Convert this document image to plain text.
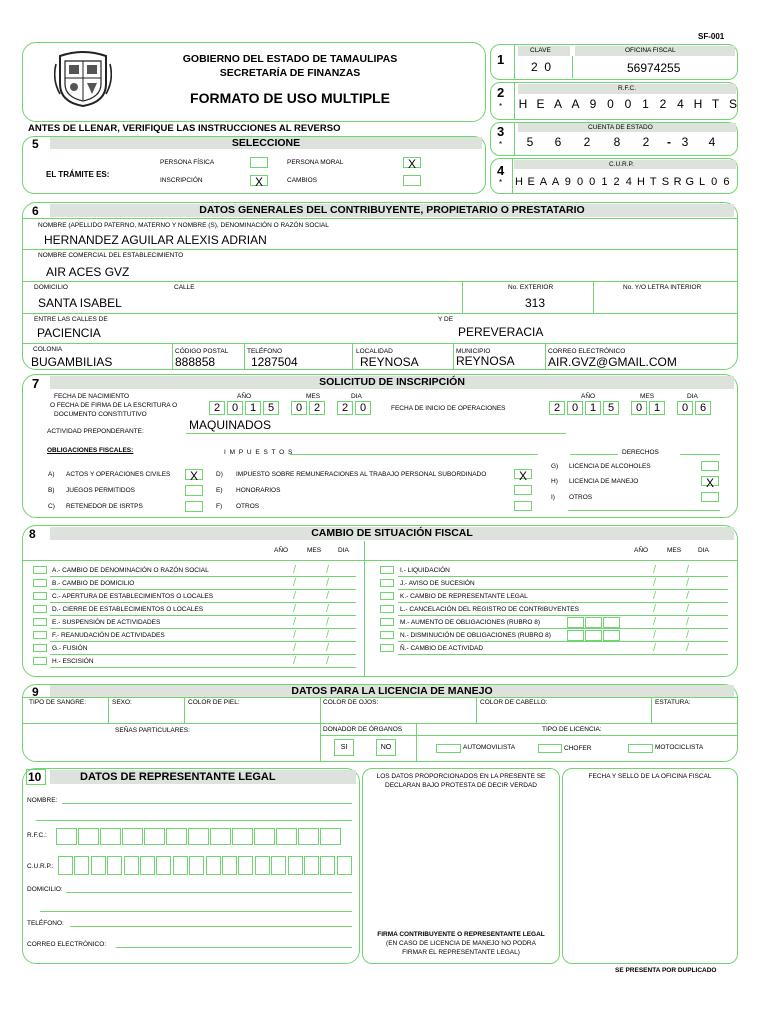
SF-001
GOBIERNO DEL ESTADO DE TAMAULIPAS
SECRETARÍA DE FINANZAS
FORMATO DE USO MULTIPLE
ANTES DE LLENAR, VERIFIQUE LAS INSTRUCCIONES AL REVERSO
1
CLAVE	OFICINA FISCAL
2  0	56974255
2
*
R.F.C.
H E A A 9 0 0 1 2 4 H T S
3
*
CUENTA DE ESTADO
5	6	2	8	2	- 3	4
4
*
C.U.R.P.
H E A A 9 0 0 1 2 4 H T S R G L 0 6
5	SELECCIONE
EL TRÁMITE ES:
PERSONA FÍSICA	PERSONA MORAL	X
INSCRIPCIÓN	X	CAMBIOS
6	DATOS GENERALES DEL CONTRIBUYENTE, PROPIETARIO O PRESTATARIO
NOMBRE (APELLIDO PATERNO, MATERNO Y NOMBRE (S), DENOMINACIÓN O RAZÓN SOCIAL
HERNANDEZ AGUILAR ALEXIS ADRIAN
NOMBRE COMERCIAL DEL ESTABLECIMIENTO
AIR ACES GVZ
DOMICILIO	CALLE
SANTA ISABEL
No. EXTERIOR
313
No. Y/O LETRA INTERIOR
ENTRE LAS CALLES DE
PACIENCIA
Y DE
PEREVERACIA
COLONIA
BUGAMBILIAS
CÓDIGO POSTAL
888858
TELÉFONO
1287504
LOCALIDAD
REYNOSA
MUNICIPIO
REYNOSA
CORREO ELECTRÓNICO
AIR.GVZ@GMAIL.COM
7	SOLICITUD DE INSCRIPCIÓN
FECHA DE NACIMIENTO
O FECHA DE FIRMA DE LA ESCRITURA O
DOCUMENTO CONSTITUTIVO
AÑO	MES	DIA
2	0	1	5	0	2	2	0	FECHA DE INICIO DE OPERACIONES
AÑO	MES	DIA
2	0	1	5	0	1	0	6
ACTIVIDAD PREPONDERANTE:	MAQUINADOS
OBLIGACIONES FISCALES:	I M P U E S T O S	DERECHOS
A) ACTOS Y OPERACIONES CIVILES	X
B) JUEGOS PERMITIDOS
C) RETENEDOR DE ISRTPS
D) IMPUESTO SOBRE REMUNERACIONES AL TRABAJO PERSONAL SUBORDINADO	X
E) HONORARIOS
F) OTROS
G) LICENCIA DE ALCOHOLES
H) LICENCIA DE MANEJO	X
I) OTROS
8	CAMBIO DE SITUACIÓN FISCAL
AÑO	MES	DIA	AÑO	MES	DIA
A.- CAMBIO DE DENOMINACIÓN O RAZÓN SOCIAL	/	/
B.- CAMBIO DE DOMICILIO	/	/
C.- APERTURA DE ESTABLECIMIENTOS O LOCALES	/	/
D.- CIERRE DE ESTABLECIMIENTOS O LOCALES	/	/
E.- SUSPENSIÓN DE ACTIVIDADES	/	/
F.- REANUDACIÓN DE ACTIVIDADES	/	/
G.- FUSIÓN	/	/
H.- ESCISIÓN	/	/
I.- LIQUIDACIÓN	/	/
J.- AVISO DE SUCESIÓN	/	/
K.- CAMBIO DE REPRESENTANTE LEGAL	/	/
L.- CANCELACIÓN DEL REGISTRO DE CONTRIBUYENTES	/	/
M.- AUMENTO DE OBLIGACIONES (RUBRO 8)	/	/
N.- DISMINUCIÓN DE OBLIGACIONES (RUBRO 8)	/	/
Ñ.- CAMBIO DE ACTIVIDAD	/	/
9	DATOS PARA LA LICENCIA DE MANEJO
TIPO DE SANGRE:	SEXO:	COLOR DE PIEL:	COLOR DE OJOS:	COLOR DE CABELLO:	ESTATURA:
SEÑAS PARTICULARES:	DONADOR DE ÓRGANOS	TIPO DE LICENCIA:
SI	NO	AUTOMOVILISTA	CHOFER	MOTOCICLISTA
10	DATOS DE REPRESENTANTE LEGAL
NOMBRE:
R.F.C.:
C.U.R.P.:
DOMICILIO:
TELÉFONO:
CORREO ELECTRÓNICO:
LOS DATOS PROPORCIONADOS EN LA PRESENTE SE
DECLARAN BAJO PROTESTA DE DECIR VERDAD
FIRMA CONTRIBUYENTE O REPRESENTANTE LEGAL
(EN CASO DE LICENCIA DE MANEJO NO PODRA
FIRMAR EL REPRESENTANTE LEGAL)
FECHA Y SELLO DE LA OFICINA FISCAL
SE PRESENTA POR DUPLICADO
